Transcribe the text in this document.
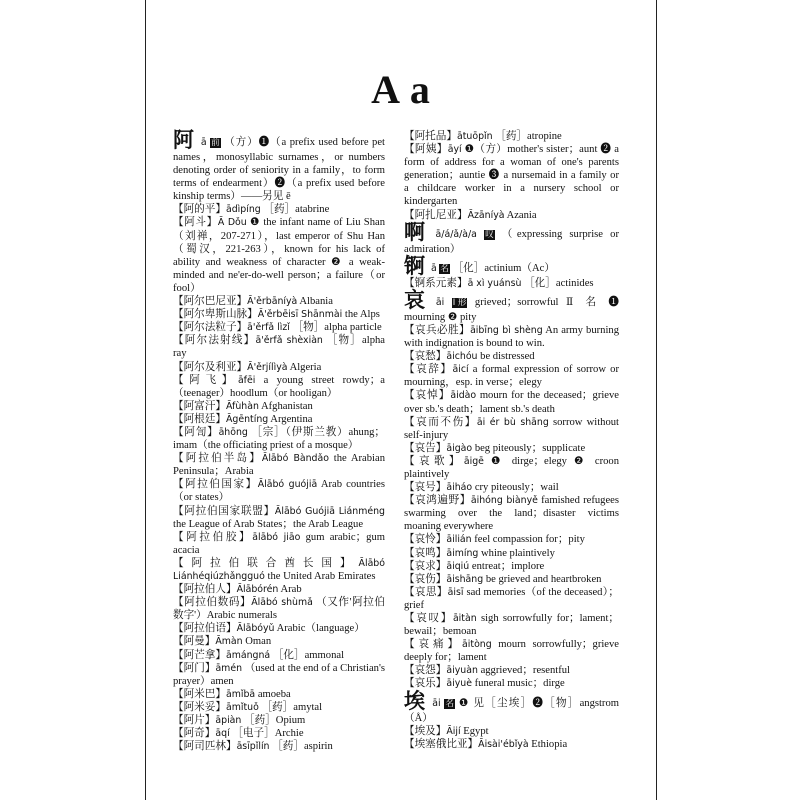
A a

阿ā 前 （方）❶（a prefix used before pet names，monosyllabic surnames，or numbers denoting order of seniority in a family，to form terms of endearment）❷（a prefix used before kinship terms）——另见 ē

【阿的平】ādìpíng ［药］atabrine

【阿斗】Ā Dǒu ❶ the infant name of Liu Shan（刘禅，207-271），last emperor of Shu Han（蜀汉，221-263），known for his lack of ability and weakness of character ❷ a weak-minded and ne'er-do-well person；a failure（or fool）

【阿尔巴尼亚】Ā'ěrbāníyà Albania

【阿尔卑斯山脉】Ā'ěrbēisī Shānmài the Alps

【阿尔法粒子】ā'ěrfǎ lìzǐ ［物］alpha particle

【阿尔法射线】ā'ěrfǎ shèxiàn ［物］alpha ray

【阿尔及利亚】Ā'ěrjílìyà Algeria

【阿飞】āfēi a young street rowdy；a（teenager）hoodlum（or hooligan）

【阿富汗】Āfùhàn Afghanistan

【阿根廷】Āgēntíng Argentina

【阿訇】āhōng ［宗］（伊斯兰教）ahung；imam（the officiating priest of a mosque）

【阿拉伯半岛】Ālābó Bàndǎo the Arabian Peninsula；Arabia

【阿拉伯国家】Ālābó guójiā Arab countries（or states）

【阿拉伯国家联盟】Ālābó Guójiā Liánméng the League of Arab States；the Arab League

【阿拉伯胶】ālābó jiāo gum arabic；gum acacia

【阿拉伯联合酋长国】Ālābó Liánhéqiúzhǎngguó the United Arab Emirates

【阿拉伯人】Ālābórén Arab

【阿拉伯数码】Ālābó shùmǎ （又作'阿拉伯数字'）Arabic numerals

【阿拉伯语】Ālābóyǔ Arabic（language）

【阿曼】Āmàn Oman

【阿芒拿】āmángná ［化］ammonal

【阿门】āmén （used at the end of a Christian's prayer）amen

【阿米巴】āmǐbā amoeba

【阿米妥】āmǐtuǒ ［药］amytal

【阿片】āpiàn ［药］Opium

【阿奇】āqí ［电子］Archie

【阿司匹林】āsīpǐlín ［药］aspirin

【阿托品】ātuōpǐn ［药］atropine

【阿姨】āyí ❶（方）mother's sister；aunt ❷ a form of address for a woman of one's parents generation；auntie ❸ a nursemaid in a family or a childcare worker in a nursery school or kindergarten

【阿扎尼亚】Āzāníyà Azania

啊ā/á/ǎ/à/a 叹 （expressing surprise or admiration）

锕ā 名 ［化］actinium（Ac）

【锕系元素】ā xì yuánsù ［化］actinides

哀āi I 形 grieved；sorrowful Ⅱ 名 ❶ mourning ❷ pity

【哀兵必胜】āibīng bì shèng An army burning with indignation is bound to win.

【哀愁】āichóu be distressed

【哀辞】āicí a formal expression of sorrow or mourning，esp. in verse；elegy

【哀悼】āidào mourn for the deceased；grieve over sb.'s death；lament sb.'s death

【哀而不伤】āi ér bù shāng sorrow without self-injury

【哀告】āigào beg piteously；supplicate

【哀歌】āigē ❶ dirge；elegy ❷ croon plaintively

【哀号】āiháo cry piteously；wail

【哀鸿遍野】āihóng biànyě famished refugees swarming over the land；disaster victims moaning everywhere

【哀怜】āilián feel compassion for；pity

【哀鸣】āimíng whine plaintively

【哀求】āiqiú entreat；implore

【哀伤】āishāng be grieved and heartbroken

【哀思】āisī sad memories（of the deceased）；grief

【哀叹】āitàn sigh sorrowfully for；lament；bewail；bemoan

【哀痛】āitòng mourn sorrowfully；grieve deeply for；lament

【哀怨】āiyuàn aggrieved；resentful

【哀乐】āiyuè funeral music；dirge

埃āi 名 ❶ 见［尘埃］❷［物］angstrom（Å）

【埃及】Āijí Egypt

【埃塞俄比亚】Āisài'ébǐyà Ethiopia
